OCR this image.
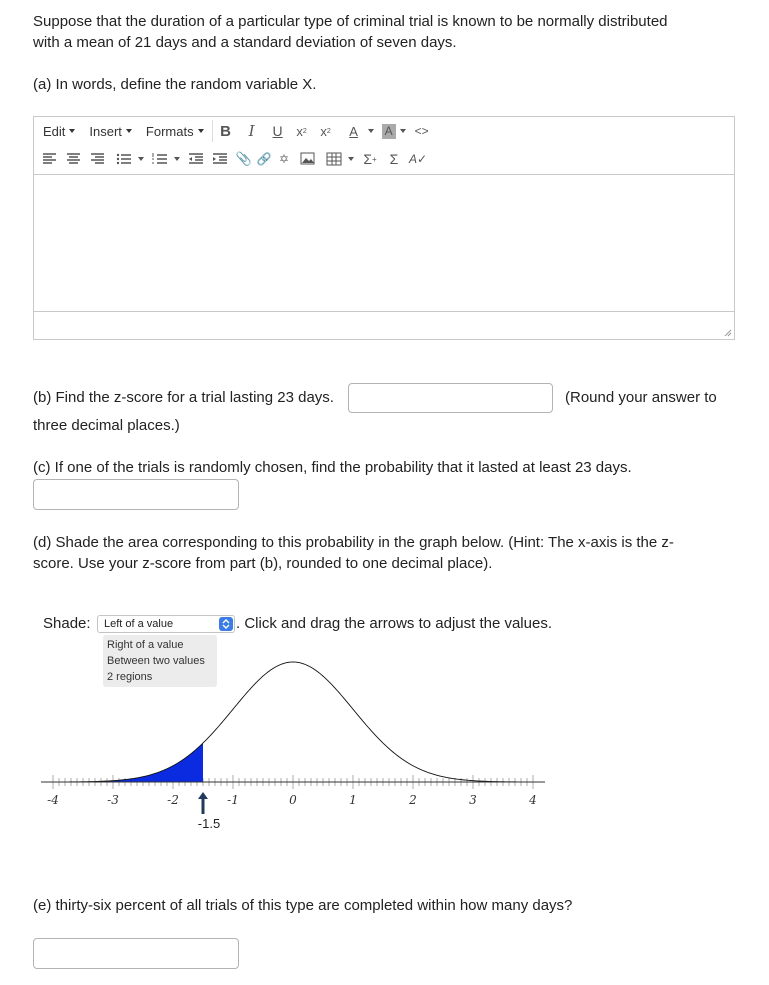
Suppose that the duration of a particular type of criminal trial is known to be normally distributed
with a mean of 21 days and a standard deviation of seven days.
(a) In words, define the random variable X.
Edit Insert Formats	B	I	U	x 2	x 2	A	A <>
📎 🔗 ✡	Σ + Σ A✓
(b) Find the z-score for a trial lasting 23 days.	(Round your answer to
three decimal places.)
(c) If one of the trials is randomly chosen, find the probability that it lasted at least 23 days.
(d) Shade the area corresponding to this probability in the graph below. (Hint: The x-axis is the z-
score. Use your z-score from part (b), rounded to one decimal place).
Shade:	Left of a value	. Click and drag the arrows to adjust the values.
Right of a value
Between two values
2 regions
-4	-3	-2	-1	0	1	2	3	4
-1.5
(e) thirty-six percent of all trials of this type are completed within how many days?
